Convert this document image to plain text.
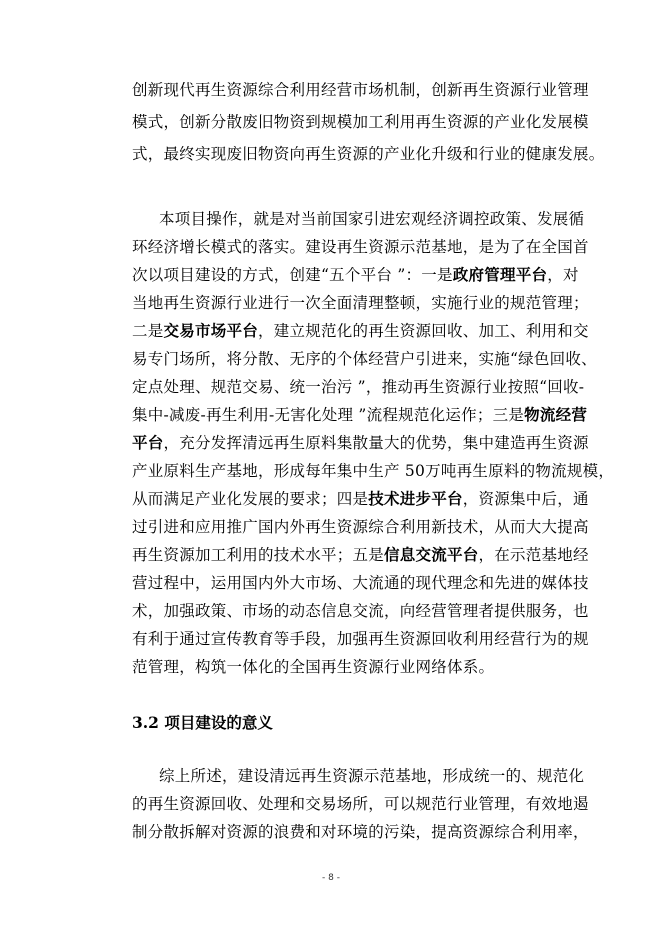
创新现代再生资源综合利用经营市场机制，创新再生资源行业管理
模式，创新分散废旧物资到规模加工利用再生资源的产业化发展模
式，最终实现废旧物资向再生资源的产业化升级和行业的健康发展。
本项目操作，就是对当前国家引进宏观经济调控政策、发展循
环经济增长模式的落实。建设再生资源示范基地，是为了在全国首
次以项目建设的方式，创建“五个平台 ”：一是政府管理平台，对
当地再生资源行业进行一次全面清理整顿，实施行业的规范管理；
二是交易市场平台，建立规范化的再生资源回收、加工、利用和交
易专门场所，将分散、无序的个体经营户引进来，实施“绿色回收、
定点处理、规范交易、统一治污 ”，推动再生资源行业按照“回收-
集中-减废-再生利用-无害化处理 ”流程规范化运作；三是物流经营
平台，充分发挥清远再生原料集散量大的优势，集中建造再生资源
产业原料生产基地，形成每年集中生产 50万吨再生原料的物流规模，
从而满足产业化发展的要求；四是技术进步平台，资源集中后，通
过引进和应用推广国内外再生资源综合利用新技术，从而大大提高
再生资源加工利用的技术水平；五是信息交流平台，在示范基地经
营过程中，运用国内外大市场、大流通的现代理念和先进的媒体技
术，加强政策、市场的动态信息交流，向经营管理者提供服务，也
有利于通过宣传教育等手段，加强再生资源回收利用经营行为的规
范管理，构筑一体化的全国再生资源行业网络体系。
3.2 项目建设的意义
综上所述，建设清远再生资源示范基地，形成统一的、规范化
的再生资源回收、处理和交易场所，可以规范行业管理，有效地遏
制分散拆解对资源的浪费和对环境的污染，提高资源综合利用率，
- 8 -
